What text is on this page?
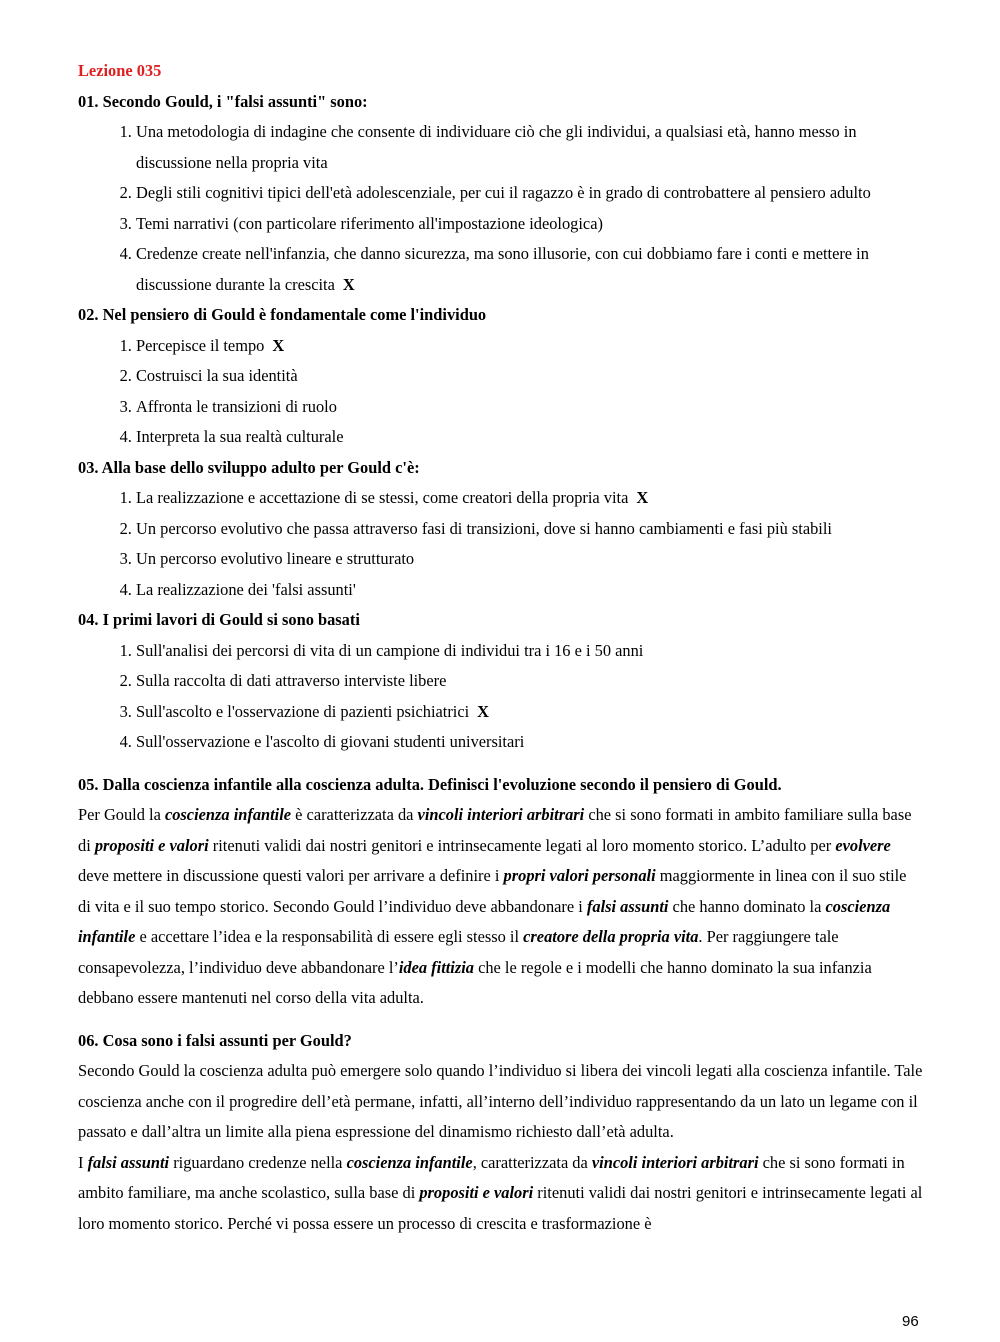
Lezione 035
01. Secondo Gould, i "falsi assunti" sono:
1. Una metodologia di indagine che consente di individuare ciò che gli individui, a qualsiasi età, hanno messo in discussione nella propria vita
2. Degli stili cognitivi tipici dell'età adolescenziale, per cui il ragazzo è in grado di controbattere al pensiero adulto
3. Temi narrativi (con particolare riferimento all'impostazione ideologica)
4. Credenze create nell'infanzia, che danno sicurezza, ma sono illusorie, con cui dobbiamo fare i conti e mettere in discussione durante la crescita X
02. Nel pensiero di Gould è fondamentale come l'individuo
1. Percepisce il tempo X
2. Costruisci la sua identità
3. Affronta le transizioni di ruolo
4. Interpreta la sua realtà culturale
03. Alla base dello sviluppo adulto per Gould c'è:
1. La realizzazione e accettazione di se stessi, come creatori della propria vita X
2. Un percorso evolutivo che passa attraverso fasi di transizioni, dove si hanno cambiamenti e fasi più stabili
3. Un percorso evolutivo lineare e strutturato
4. La realizzazione dei 'falsi assunti'
04. I primi lavori di Gould si sono basati
1. Sull'analisi dei percorsi di vita di un campione di individui tra i 16 e i 50 anni
2. Sulla raccolta di dati attraverso interviste libere
3. Sull'ascolto e l'osservazione di pazienti psichiatrici X
4. Sull'osservazione e l'ascolto di giovani studenti universitari
05. Dalla coscienza infantile alla coscienza adulta. Definisci l'evoluzione secondo il pensiero di Gould.
Per Gould la coscienza infantile è caratterizzata da vincoli interiori arbitrari che si sono formati in ambito familiare sulla base di propositi e valori ritenuti validi dai nostri genitori e intrinsecamente legati al loro momento storico. L’adulto per evolvere deve mettere in discussione questi valori per arrivare a definire i propri valori personali maggiormente in linea con il suo stile di vita e il suo tempo storico. Secondo Gould l’individuo deve abbandonare i falsi assunti che hanno dominato la coscienza infantile e accettare l’idea e la responsabilità di essere egli stesso il creatore della propria vita. Per raggiungere tale consapevolezza, l’individuo deve abbandonare l’idea fittizia che le regole e i modelli che hanno dominato la sua infanzia debbano essere mantenuti nel corso della vita adulta.
06. Cosa sono i falsi assunti per Gould?
Secondo Gould la coscienza adulta può emergere solo quando l’individuo si libera dei vincoli legati alla coscienza infantile. Tale coscienza anche con il progredire dell’età permane, infatti, all’interno dell’individuo rappresentando da un lato un legame con il passato e dall’altra un limite alla piena espressione del dinamismo richiesto dall’età adulta.
I falsi assunti riguardano credenze nella coscienza infantile, caratterizzata da vincoli interiori arbitrari che si sono formati in ambito familiare, ma anche scolastico, sulla base di propositi e valori ritenuti validi dai nostri genitori e intrinsecamente legati al loro momento storico. Perché vi possa essere un processo di crescita e trasformazione è
96
